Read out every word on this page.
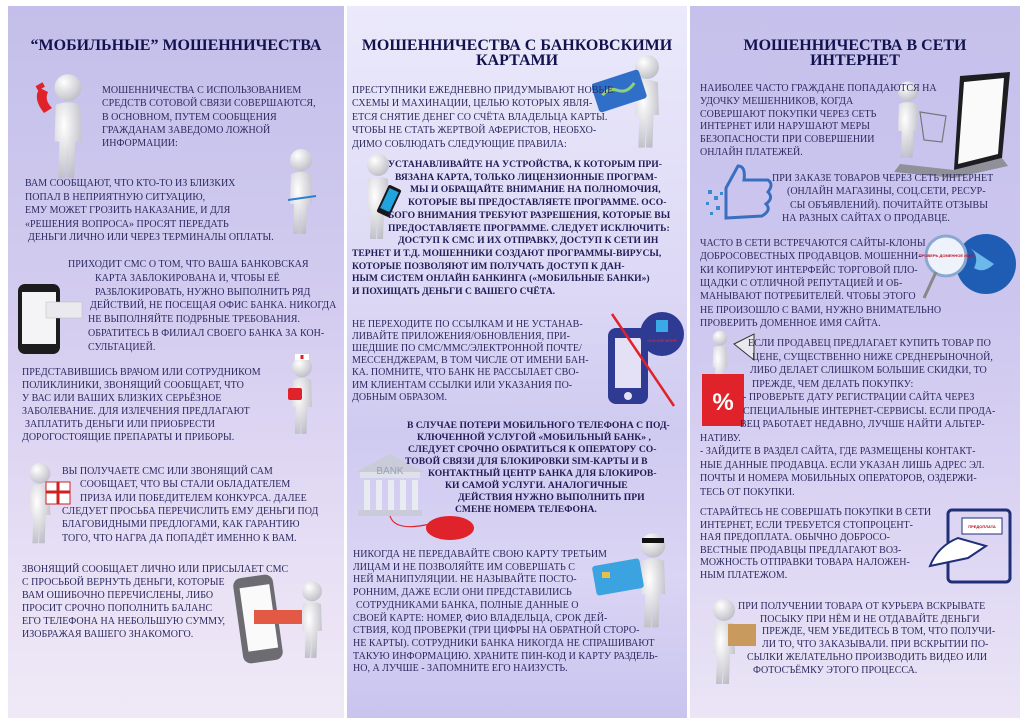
СКАЧАЙ МЕНЯ
BANK
ПРОВЕРЬ ДОМЕННОЕ ИМЯ
%
ПРЕДОПЛАТА
“МОБИЛЬНЫЕ” МОШЕННИЧЕСТВА
МОШЕННИЧЕСТВА С ИСПОЛЬЗОВАНИЕМ
СРЕДСТВ СОТОВОЙ СВЯЗИ СОВЕРШАЮТСЯ,
В ОСНОВНОМ, ПУТЕМ СООБЩЕНИЯ
ГРАЖДАНАМ ЗАВЕДОМО ЛОЖНОЙ
ИНФОРМАЦИИ:
ВАМ СООБЩАЮТ, ЧТО КТО-ТО ИЗ БЛИЗКИХ
ПОПАЛ В НЕПРИЯТНУЮ СИТУАЦИЮ,
ЕМУ МОЖЕТ ГРОЗИТЬ НАКАЗАНИЕ, И ДЛЯ
«РЕШЕНИЯ ВОПРОСА» ПРОСЯТ ПЕРЕДАТЬ
ДЕНЬГИ ЛИЧНО ИЛИ ЧЕРЕЗ ТЕРМИНАЛЫ ОПЛАТЫ.
ПРИХОДИТ СМС О ТОМ, ЧТО ВАША БАНКОВСКАЯ
КАРТА ЗАБЛОКИРОВАНА И, ЧТОБЫ ЕЁ
РАЗБЛОКИРОВАТЬ, НУЖНО ВЫПОЛНИТЬ РЯД
ДЕЙСТВИЙ, НЕ ПОСЕЩАЯ ОФИС БАНКА. НИКОГДА
НЕ ВЫПОЛНЯЙТЕ ПОДРБНЫЕ ТРЕБОВАНИЯ.
ОБРАТИТЕСЬ В ФИЛИАЛ СВОЕГО БАНКА ЗА КОН-
СУЛЬТАЦИЕЙ.
ПРЕДСТАВИВШИСЬ ВРАЧОМ ИЛИ СОТРУДНИКОМ
ПОЛИКЛИНИКИ, ЗВОНЯЩИЙ СООБЩАЕТ, ЧТО
У ВАС ИЛИ ВАШИХ БЛИЗКИХ СЕРЬЁЗНОЕ
ЗАБОЛЕВАНИЕ. ДЛЯ ИЗЛЕЧЕНИЯ ПРЕДЛАГАЮТ
ЗАПЛАТИТЬ ДЕНЬГИ ИЛИ ПРИОБРЕСТИ
ДОРОГОСТОЯЩИЕ ПРЕПАРАТЫ И ПРИБОРЫ.
ВЫ ПОЛУЧАЕТЕ СМС ИЛИ ЗВОНЯЩИЙ САМ
СООБЩАЕТ, ЧТО ВЫ СТАЛИ ОБЛАДАТЕЛЕМ
ПРИЗА ИЛИ ПОБЕДИТЕЛЕМ КОНКУРСА. ДАЛЕЕ
СЛЕДУЕТ ПРОСЬБА ПЕРЕЧИСЛИТЬ ЕМУ ДЕНЬГИ ПОД
БЛАГОВИДНЫМИ ПРЕДЛОГАМИ, КАК ГАРАНТИЮ
ТОГО, ЧТО НАГРА ДА ПОПАДЁТ ИМЕННО К ВАМ.
ЗВОНЯЩИЙ СООБЩАЕТ ЛИЧНО ИЛИ ПРИСЫЛАЕТ СМС
С ПРОСЬБОЙ ВЕРНУТЬ ДЕНЬГИ, КОТОРЫЕ
ВАМ ОШИБОЧНО ПЕРЕЧИСЛЕНЫ, ЛИБО
ПРОСИТ СРОЧНО ПОПОЛНИТЬ БАЛАНС
ЕГО ТЕЛЕФОНА НА НЕБОЛЬШУЮ СУММУ,
ИЗОБРАЖАЯ ВАШЕГО ЗНАКОМОГО.
МОШЕННИЧЕСТВА С БАНКОВСКИМИ
КАРТАМИ
ПРЕСТУПНИКИ ЕЖЕДНЕВНО ПРИДУМЫВАЮТ НОВЫЕ
СХЕМЫ И МАХИНАЦИИ, ЦЕЛЬЮ КОТОРЫХ ЯВЛЯ-
ЕТСЯ СНЯТИЕ ДЕНЕГ СО СЧЁТА ВЛАДЕЛЬЦА КАРТЫ.
ЧТОБЫ НЕ СТАТЬ ЖЕРТВОЙ АФЕРИСТОВ, НЕОБХО-
ДИМО СОБЛЮДАТЬ СЛЕДУЮЩИЕ ПРАВИЛА:
УСТАНАВЛИВАЙТЕ НА УСТРОЙСТВА, К КОТОРЫМ ПРИ-
ВЯЗАНА КАРТА, ТОЛЬКО ЛИЦЕНЗИОННЫЕ ПРОГРАМ-
МЫ И ОБРАЩАЙТЕ ВНИМАНИЕ НА ПОЛНОМОЧИЯ,
КОТОРЫЕ ВЫ ПРЕДОСТАВЛЯЕТЕ ПРОГРАММЕ. ОСО-
БОГО ВНИМАНИЯ ТРЕБУЮТ РАЗРЕШЕНИЯ, КОТОРЫЕ ВЫ
ПРЕДОСТАВЛЯЕТЕ ПРОГРАММЕ. СЛЕДУЕТ ИСКЛЮЧИТЬ:
ДОСТУП К СМС И ИХ ОТПРАВКУ, ДОСТУП К СЕТИ ИН
ТЕРНЕТ И Т.Д. МОШЕННИКИ СОЗДАЮТ ПРОГРАММЫ-ВИРУСЫ,
КОТОРЫЕ ПОЗВОЛЯЮТ ИМ ПОЛУЧАТЬ ДОСТУП К ДАН-
НЫМ СИСТЕМ ОНЛАЙН БАНКИНГА («МОБИЛЬНЫЕ БАНКИ»)
И ПОХИЩАТЬ ДЕНЬГИ С ВАШЕГО СЧЁТА.
НЕ ПЕРЕХОДИТЕ ПО ССЫЛКАМ И НЕ УСТАНАВ-
ЛИВАЙТЕ ПРИЛОЖЕНИЯ/ОБНОВЛЕНИЯ, ПРИ-
ШЕДШИЕ ПО СМС/ММС/ЭЛЕКТРОННОЙ ПОЧТЕ/
МЕССЕНДЖЕРАМ, В ТОМ ЧИСЛЕ ОТ ИМЕНИ БАН-
КА. ПОМНИТЕ, ЧТО БАНК НЕ РАССЫЛАЕТ СВО-
ИМ КЛИЕНТАМ ССЫЛКИ ИЛИ УКАЗАНИЯ ПО-
ДОБНЫМ ОБРАЗОМ.
В СЛУЧАЕ ПОТЕРИ МОБИЛЬНОГО ТЕЛЕФОНА С ПОД-
КЛЮЧЕННОЙ УСЛУГОЙ «МОБИЛЬНЫЙ БАНК» ,
СЛЕДУЕТ СРОЧНО ОБРАТИТЬСЯ К ОПЕРАТОРУ СО-
ТОВОЙ СВЯЗИ ДЛЯ БЛОКИРОВКИ SIM-КАРТЫ И В
КОНТАКТНЫЙ ЦЕНТР БАНКА ДЛЯ БЛОКИРОВ-
КИ САМОЙ УСЛУГИ. АНАЛОГИЧНЫЕ
ДЕЙСТВИЯ НУЖНО ВЫПОЛНИТЬ ПРИ
СМЕНЕ НОМЕРА ТЕЛЕФОНА.
НИКОГДА НЕ ПЕРЕДАВАЙТЕ СВОЮ КАРТУ ТРЕТЬИМ
ЛИЦАМ И НЕ ПОЗВОЛЯЙТЕ ИМ СОВЕРШАТЬ С
НЕЙ МАНИПУЛЯЦИИ. НЕ НАЗЫВАЙТЕ ПОСТО-
РОННИМ, ДАЖЕ ЕСЛИ ОНИ ПРЕДСТАВИЛИСЬ
СОТРУДНИКАМИ БАНКА, ПОЛНЫЕ ДАННЫЕ О
СВОЕЙ КАРТЕ: НОМЕР, ФИО ВЛАДЕЛЬЦА, СРОК ДЕЙ-
СТВИЯ, КОД ПРОВЕРКИ (ТРИ ЦИФРЫ НА ОБРАТНОЙ СТОРО-
НЕ КАРТЫ). СОТРУДНИКИ БАНКА НИКОГДА НЕ СПРАШИВАЮТ
ТАКУЮ ИНФОРМАЦИЮ. ХРАНИТЕ ПИН-КОД И КАРТУ РАЗДЕЛЬ-
НО, А ЛУЧШЕ - ЗАПОМНИТЕ ЕГО НАИЗУСТЬ.
МОШЕННИЧЕСТВА В СЕТИ
ИНТЕРНЕТ
НАИБОЛЕЕ ЧАСТО ГРАЖДАНЕ ПОПАДАЮТСЯ НА
УДОЧКУ МЕШЕННИКОВ, КОГДА
СОВЕРШАЮТ ПОКУПКИ ЧЕРЕЗ СЕТЬ
ИНТЕРНЕТ ИЛИ НАРУШАЮТ МЕРЫ
БЕЗОПАСНОСТИ ПРИ СОВЕРШЕНИИ
ОНЛАЙН ПЛАТЕЖЕЙ.
ПРИ ЗАКАЗЕ ТОВАРОВ ЧЕРЕЗ СЕТЬ ИНТЕРНЕТ
(ОНЛАЙН МАГАЗИНЫ, СОЦ.СЕТИ, РЕСУР-
СЫ ОБЪЯВЛЕНИЙ). ПОЧИТАЙТЕ ОТЗЫВЫ
НА РАЗНЫХ САЙТАХ О ПРОДАВЦЕ.
ЧАСТО В СЕТИ ВСТРЕЧАЮТСЯ САЙТЫ-КЛОНЫ
ДОБРОСОВЕСТНЫХ ПРОДАВЦОВ. МОШЕННИ-
КИ КОПИРУЮТ ИНТЕРФЕЙС ТОРГОВОЙ ПЛО-
ЩАДКИ С ОТЛИЧНОЙ РЕПУТАЦИЕЙ И ОБ-
МАНЫВАЮТ ПОТРЕБИТЕЛЕЙ. ЧТОБЫ ЭТОГО
НЕ ПРОИЗОШЛО С ВАМИ, НУЖНО ВНИМАТЕЛЬНО
ПРОВЕРИТЬ ДОМЕННОЕ ИМЯ САЙТА.
ЕСЛИ ПРОДАВЕЦ ПРЕДЛАГАЕТ КУПИТЬ ТОВАР ПО
ЦЕНЕ, СУЩЕСТВЕННО НИЖЕ СРЕДНЕРЫНОЧНОЙ,
ЛИБО ДЕЛАЕТ СЛИШКОМ БОЛЬШИЕ СКИДКИ, ТО
ПРЕЖДЕ, ЧЕМ ДЕЛАТЬ ПОКУПКУ:
- ПРОВЕРЬТЕ ДАТУ РЕГИСТРАЦИИ САЙТА ЧЕРЕЗ
СПЕЦИАЛЬНЫЕ ИНТЕРНЕТ-СЕРВИСЫ. ЕСЛИ ПРОДА-
ВЕЦ РАБОТАЕТ НЕДАВНО, ЛУЧШЕ НАЙТИ АЛЬТЕР-
НАТИВУ.
- ЗАЙДИТЕ В РАЗДЕЛ САЙТА, ГДЕ РАЗМЕЩЕНЫ КОНТАКТ-
НЫЕ ДАННЫЕ ПРОДАВЦА. ЕСЛИ УКАЗАН ЛИШЬ АДРЕС ЭЛ.
ПОЧТЫ И НОМЕРА МОБИЛЬНЫХ ОПЕРАТОРОВ, ОЗДЕРЖИ-
ТЕСЬ ОТ ПОКУПКИ.
СТАРАЙТЕСЬ НЕ СОВЕРШАТЬ ПОКУПКИ В СЕТИ
ИНТЕРНЕТ, ЕСЛИ ТРЕБУЕТСЯ СТОПРОЦЕНТ-
НАЯ ПРЕДОПЛАТА. ОБЫЧНО ДОБРОСО-
ВЕСТНЫЕ ПРОДАВЦЫ ПРЕДЛАГАЮТ ВОЗ-
МОЖНОСТЬ ОТПРАВКИ ТОВАРА НАЛОЖЕН-
НЫМ ПЛАТЕЖОМ.
ПРИ ПОЛУЧЕНИИ ТОВАРА ОТ КУРЬЕРА ВСКРЫВАТЕ
ПОСЫКУ ПРИ НЁМ И НЕ ОТДАВАЙТЕ ДЕНЬГИ
ПРЕЖДЕ, ЧЕМ УБЕДИТЕСЬ В ТОМ, ЧТО ПОЛУЧИ-
ЛИ ТО, ЧТО ЗАКАЗЫВАЛИ. ПРИ ВСКРЫТИИ ПО-
СЫЛКИ ЖЕЛАТЕЛЬНО ПРОИЗВОДИТЬ ВИДЕО ИЛИ
ФОТОСЪЁМКУ ЭТОГО ПРОЦЕССА.
